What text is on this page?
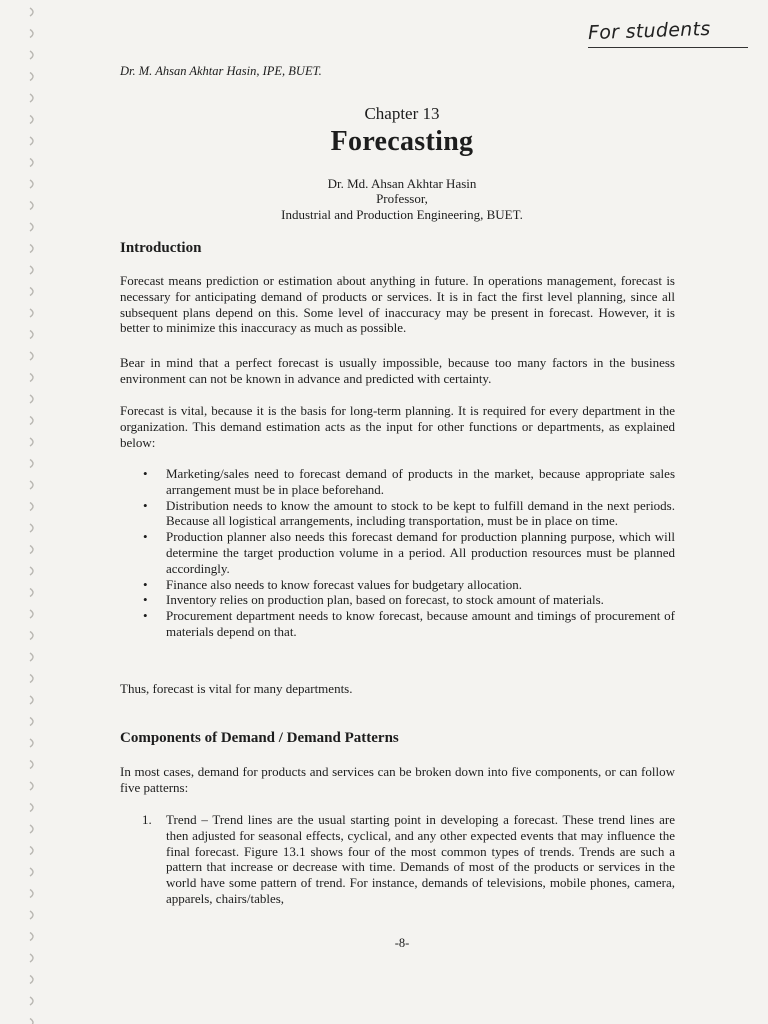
For students
Dr. M. Ahsan Akhtar Hasin, IPE, BUET.
Chapter 13
Forecasting
Dr. Md. Ahsan Akhtar Hasin
Professor,
Industrial and Production Engineering, BUET.
Introduction
Forecast means prediction or estimation about anything in future. In operations management, forecast is necessary for anticipating demand of products or services. It is in fact the first level planning, since all subsequent plans depend on this. Some level of inaccuracy may be present in forecast. However, it is better to minimize this inaccuracy as much as possible.
Bear in mind that a perfect forecast is usually impossible, because too many factors in the business environment can not be known in advance and predicted with certainty.
Forecast is vital, because it is the basis for long-term planning. It is required for every department in the organization. This demand estimation acts as the input for other functions or departments, as explained below:
• Marketing/sales need to forecast demand of products in the market, because appropriate sales arrangement must be in place beforehand.
• Distribution needs to know the amount to stock to be kept to fulfill demand in the next periods. Because all logistical arrangements, including transportation, must be in place on time.
• Production planner also needs this forecast demand for production planning purpose, which will determine the target production volume in a period. All production resources must be planned accordingly.
• Finance also needs to know forecast values for budgetary allocation.
• Inventory relies on production plan, based on forecast, to stock amount of materials.
• Procurement department needs to know forecast, because amount and timings of procurement of materials depend on that.
Thus, forecast is vital for many departments.
Components of Demand / Demand Patterns
In most cases, demand for products and services can be broken down into five components, or can follow five patterns:
1. Trend – Trend lines are the usual starting point in developing a forecast. These trend lines are then adjusted for seasonal effects, cyclical, and any other expected events that may influence the final forecast. Figure 13.1 shows four of the most common types of trends. Trends are such a pattern that increase or decrease with time. Demands of most of the products or services in the world have some pattern of trend. For instance, demands of televisions, mobile phones, camera, apparels, chairs/tables,
-8-
